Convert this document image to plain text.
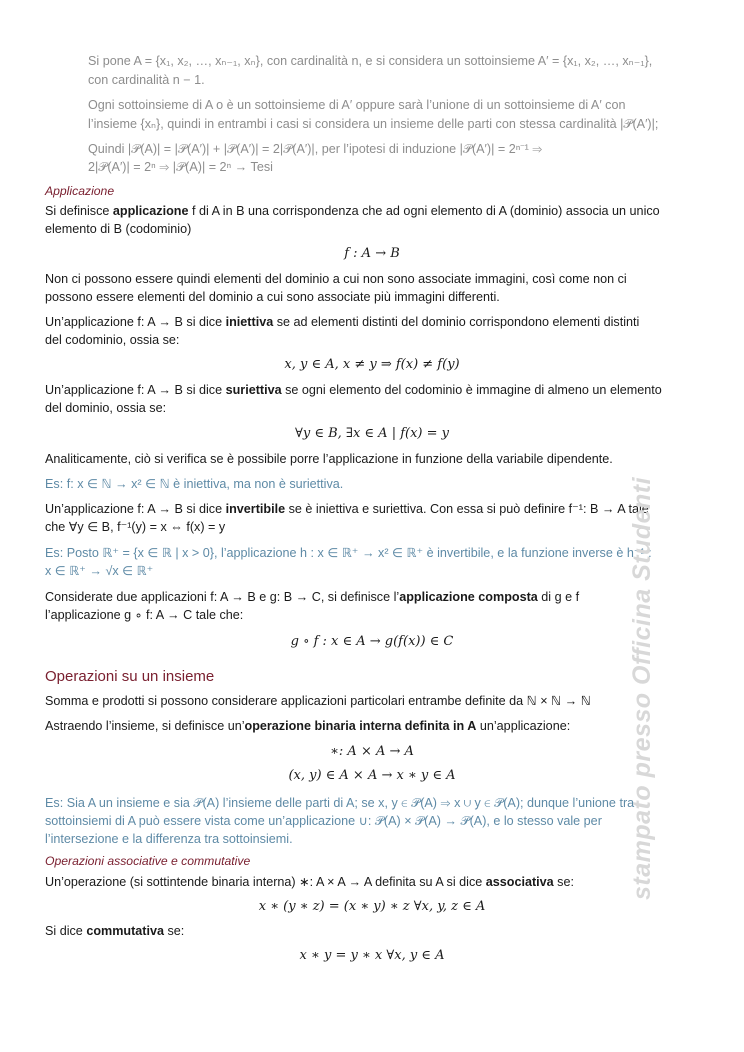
Si pone A = {x₁, x₂, …, xₙ₋₁, xₙ}, con cardinalità n, e si considera un sottoinsieme A′ = {x₁, x₂, …, xₙ₋₁},
con cardinalità n − 1.
Ogni sottoinsieme di A o è un sottoinsieme di A′ oppure sarà l’unione di un sottoinsieme di A′ con
l’insieme {xₙ}, quindi in entrambi i casi si considera un insieme delle parti con stessa cardinalità |𝒫(A′)|;
Quindi |𝒫(A)| = |𝒫(A′)| + |𝒫(A′)| = 2|𝒫(A′)|, per l’ipotesi di induzione |𝒫(A′)| = 2ⁿ⁻¹ ⇒
2|𝒫(A′)| = 2ⁿ ⇒ |𝒫(A)| = 2ⁿ → Tesi
Applicazione
Si definisce applicazione f di A in B una corrispondenza che ad ogni elemento di A (dominio) associa un unico
elemento di B (codominio)
f : A → B
Non ci possono essere quindi elementi del dominio a cui non sono associate immagini, così come non ci
possono essere elementi del dominio a cui sono associate più immagini differenti.
Un’applicazione f: A → B si dice iniettiva se ad elementi distinti del dominio corrispondono elementi distinti
del codominio, ossia se:
x, y ∈ A, x ≠ y ⇒ f(x) ≠ f(y)
Un’applicazione f: A → B si dice suriettiva se ogni elemento del codominio è immagine di almeno un elemento
del dominio, ossia se:
∀y ∈ B, ∃x ∈ A | f(x) = y
Analiticamente, ciò si verifica se è possibile porre l’applicazione in funzione della variabile dipendente.
Es: f: x ∈ ℕ → x² ∈ ℕ è iniettiva, ma non è suriettiva.
Un’applicazione f: A → B si dice invertibile se è iniettiva e suriettiva. Con essa si può definire f⁻¹: B → A tale
che ∀y ∈ B, f⁻¹(y) = x ⇔ f(x) = y
Es: Posto ℝ⁺ = {x ∈ ℝ | x > 0}, l’applicazione h : x ∈ ℝ⁺ → x² ∈ ℝ⁺ è invertibile, e la funzione inverse è h⁻¹ :
x ∈ ℝ⁺ → √x ∈ ℝ⁺
Considerate due applicazioni f: A → B e g: B → C, si definisce l’applicazione composta di g e f
l’applicazione g ∘ f: A → C tale che:
g ∘ f : x ∈ A → g(f(x)) ∈ C
Operazioni su un insieme
Somma e prodotti si possono considerare applicazioni particolari entrambe definite da ℕ × ℕ → ℕ
Astraendo l’insieme, si definisce un’operazione binaria interna definita in A un’applicazione:
∗: A × A → A
(x, y) ∈ A × A → x ∗ y ∈ A
Es: Sia A un insieme e sia 𝒫(A) l’insieme delle parti di A; se x, y ∈ 𝒫(A) ⇒ x ∪ y ∈ 𝒫(A); dunque l’unione tra
sottoinsiemi di A può essere vista come un’applicazione ∪: 𝒫(A) × 𝒫(A) → 𝒫(A), e lo stesso vale per
l’intersezione e la differenza tra sottoinsiemi.
Operazioni associative e commutative
Un’operazione (si sottintende binaria interna) ∗: A × A → A definita su A si dice associativa se:
x ∗ (y ∗ z) = (x ∗ y) ∗ z ∀x, y, z ∈ A
Si dice commutativa se:
x ∗ y = y ∗ x ∀x, y ∈ A
stampato presso Officina Studenti
